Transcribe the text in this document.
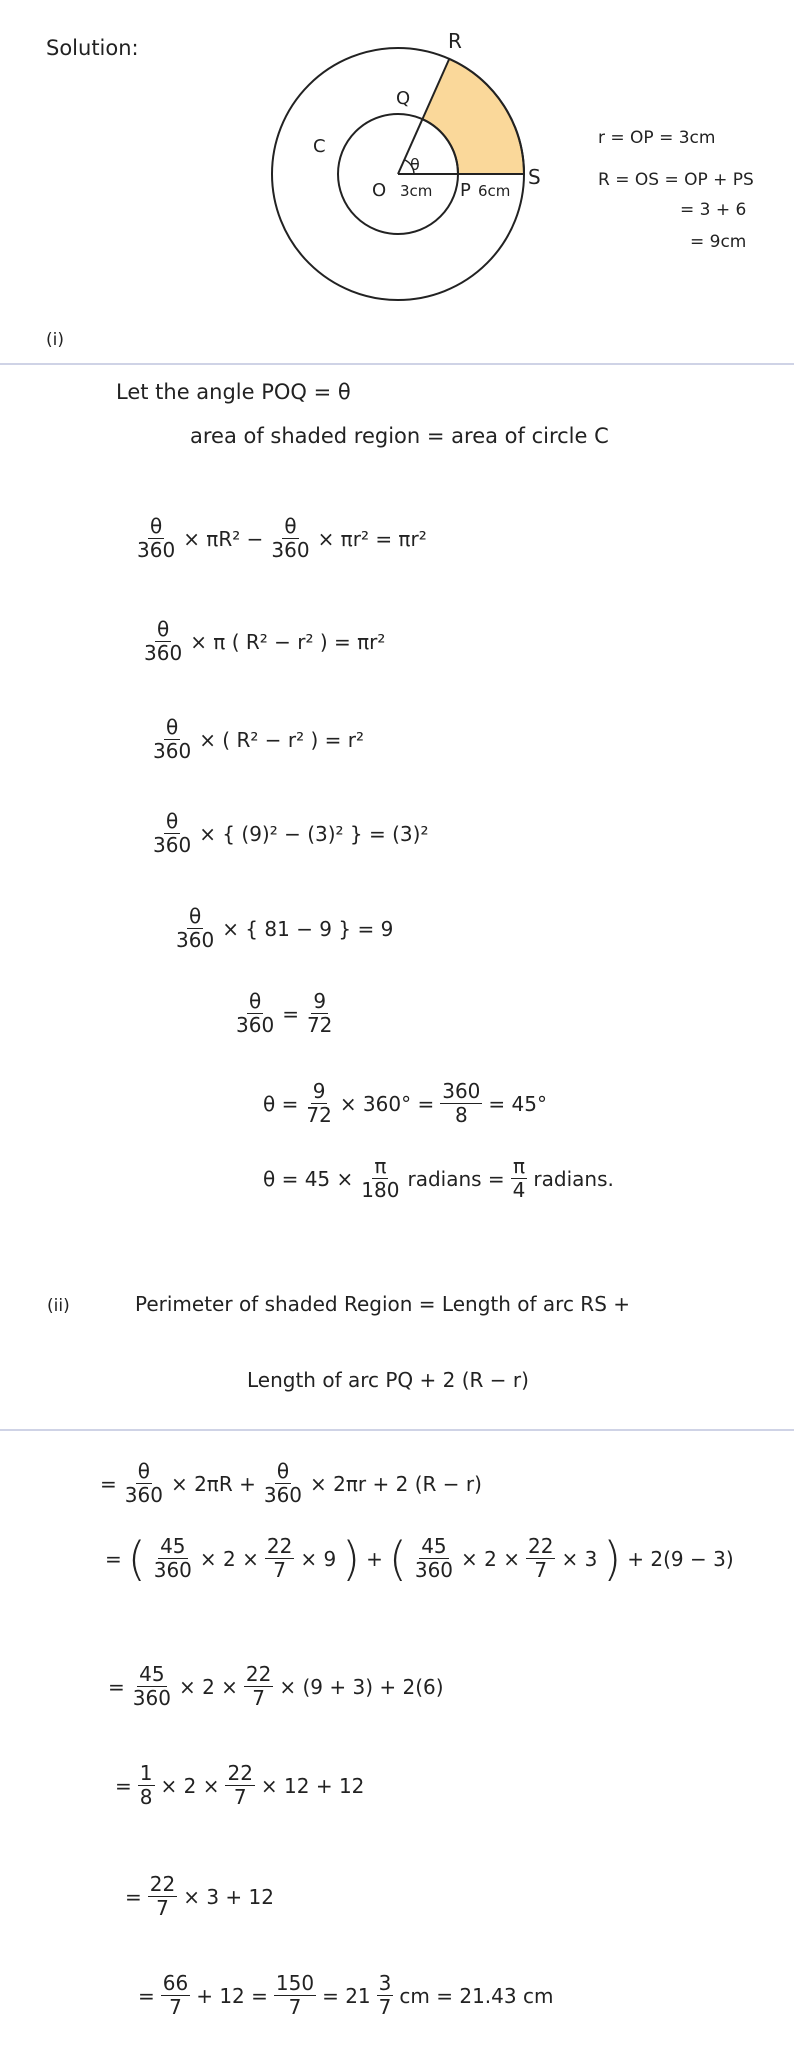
Solution:	R
Q
C
θ
O 3cm P 6cm
S
r = OP = 3cm
R = OS = OP + PS
= 3 + 6
= 9cm
(i)
Let the angle POQ = θ
area of shaded region = area of circle C
$\frac{\theta}{360} \times \pi R^2 - \frac{\theta}{360} \times \pi r^2 = \pi r^2$
$\frac{\theta}{360} \times \pi$ ( R² − r² ) = πr²
$\frac{\theta}{360}$ × ( R² − r² ) = r²
$\frac{\theta}{360}$ × { (9)² − (3)² } = (3)²
$\frac{\theta}{360}$ × { 81 − 9 } = 9
$\frac{\theta}{360} = \frac{9}{72}$
$\theta = \frac{9}{72} \times 360^\circ = \frac{360}{8} = 45^\circ$
$\theta = 45 \times \frac{\pi}{180}$ radians = $\frac{\pi}{4}$ radians.
(ii)	Perimeter of shaded Region = Length of arc RS +
Length of arc PQ + 2 (R − r)
= $\frac{\theta}{360} \times 2\pi R + \frac{\theta}{360} \times 2\pi r + 2$ (R − r)
= ( $\frac{45}{360} \times 2 \times \frac{22}{7} \times 9$ ) + ( $\frac{45}{360} \times 2 \times \frac{22}{7} \times 3$ ) + 2(9 − 3)
= $\frac{45}{360} \times 2 \times \frac{22}{7} \times (9 + 3) + 2(6)$
= $\frac{1}{8} \times 2 \times \frac{22}{7} \times 12 + 12$
= $\frac{22}{7} \times 3 + 12$
= $\frac{66}{7} + 12 = \frac{150}{7} = 21 \frac{3}{7}$ cm = 21.43 cm
